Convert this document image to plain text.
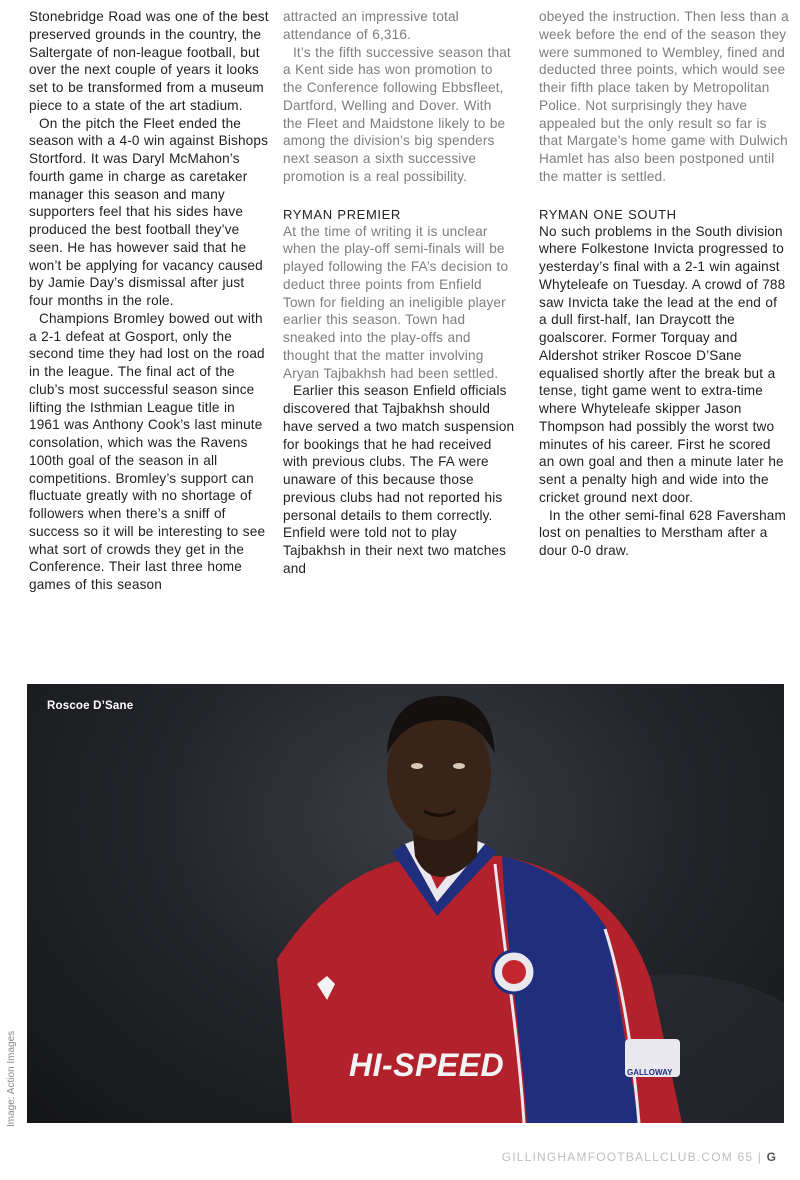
Stonebridge Road was one of the best preserved grounds in the country, the Saltergate of non-league football, but over the next couple of years it looks set to be transformed from a museum piece to a state of the art stadium.

On the pitch the Fleet ended the season with a 4-0 win against Bishops Stortford. It was Daryl McMahon’s fourth game in charge as caretaker manager this season and many supporters feel that his sides have produced the best football they’ve seen. He has however said that he won’t be applying for vacancy caused by Jamie Day’s dismissal after just four months in the role.

Champions Bromley bowed out with a 2-1 defeat at Gosport, only the second time they had lost on the road in the league. The final act of the club’s most successful season since lifting the Isthmian League title in 1961 was Anthony Cook’s last minute consolation, which was the Ravens 100th goal of the season in all competitions. Bromley’s support can fluctuate greatly with no shortage of followers when there’s a sniff of success so it will be interesting to see what sort of crowds they get in the Conference. Their last three home games of this season

attracted an impressive total attendance of 6,316.

It’s the fifth successive season that a Kent side has won promotion to the Conference following Ebbsfleet, Dartford, Welling and Dover. With the Fleet and Maidstone likely to be among the division’s big spenders next season a sixth successive promotion is a real possibility.

RYMAN PREMIER

At the time of writing it is unclear when the play-off semi-finals will be played following the FA’s decision to deduct three points from Enfield Town for fielding an ineligible player earlier this season. Town had sneaked into the play-offs and thought that the matter involving Aryan Tajbakhsh had been settled.

Earlier this season Enfield officials discovered that Tajbakhsh should have served a two match suspension for bookings that he had received with previous clubs. The FA were unaware of this because those previous clubs had not reported his personal details to them correctly. Enfield were told not to play Tajbakhsh in their next two matches and

obeyed the instruction. Then less than a week before the end of the season they were summoned to Wembley, fined and deducted three points, which would see their fifth place taken by Metropolitan Police. Not surprisingly they have appealed but the only result so far is that Margate’s home game with Dulwich Hamlet has also been postponed until the matter is settled.

RYMAN ONE SOUTH

No such problems in the South division where Folkestone Invicta progressed to yesterday’s final with a 2-1 win against Whyteleafe on Tuesday. A crowd of 788 saw Invicta take the lead at the end of a dull first-half, Ian Draycott the goalscorer. Former Torquay and Aldershot striker Roscoe D’Sane equalised shortly after the break but a tense, tight game went to extra-time where Whyteleafe skipper Jason Thompson had possibly the worst two minutes of his career. First he scored an own goal and then a minute later he sent a penalty high and wide into the cricket ground next door.

In the other semi-final 628 Faversham lost on penalties to Merstham after a dour 0-0 draw.

Roscoe D’Sane
HI-SPEED	GALLOWAY
Image: Action Images
GILLINGHAMFOOTBALLCLUB.COM 65 | G
